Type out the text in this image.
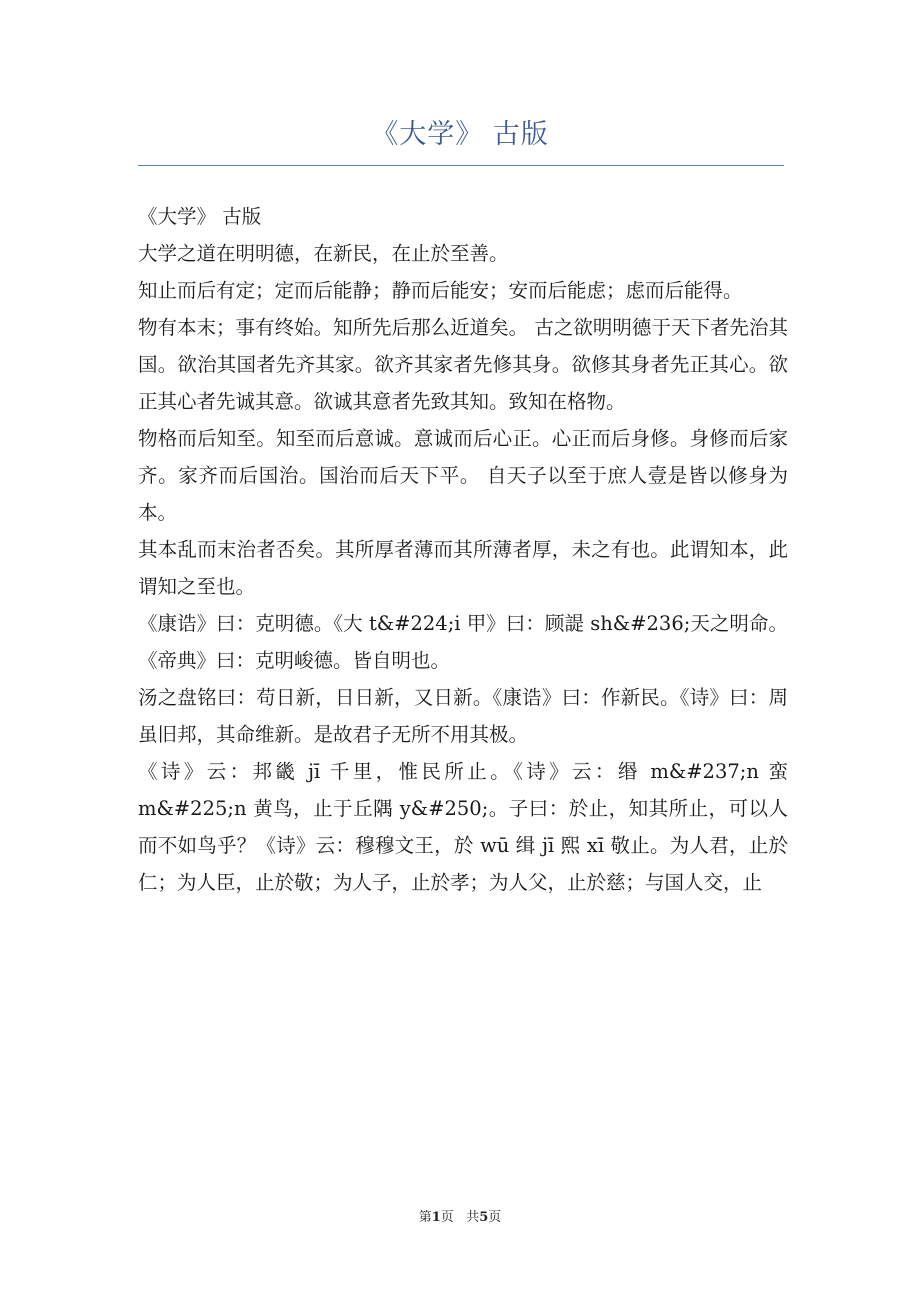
《大学》 古版

《大学》 古版

大学之道在明明德，在新民，在止於至善。

知止而后有定；定而后能静；静而后能安；安而后能虑；虑而后能得。

物有本末；事有终始。知所先后那么近道矣。 古之欲明明德于天下者先治其国。欲治其国者先齐其家。欲齐其家者先修其身。欲修其身者先正其心。欲正其心者先诚其意。欲诚其意者先致其知。致知在格物。

物格而后知至。知至而后意诚。意诚而后心正。心正而后身修。身修而后家齐。家齐而后国治。国治而后天下平。 自天子以至于庶人壹是皆以修身为本。

其本乱而末治者否矣。其所厚者薄而其所薄者厚，未之有也。此谓知本，此谓知之至也。

《康诰》曰：克明德。《大 t&#224;i 甲》曰：顾諟 sh&#236;天之明命。《帝典》曰：克明峻德。皆自明也。

汤之盘铭曰：苟日新，日日新，又日新。《康诰》曰：作新民。《诗》曰：周虽旧邦，其命维新。是故君子无所不用其极。

《诗》云：邦畿 jī 千里，惟民所止。《诗》云：缗 m&#237;n 蛮 m&#225;n 黄鸟，止于丘隅 y&#250;。子曰：於止，知其所止，可以人而不如鸟乎？《诗》云：穆穆文王，於 wū 缉 jī 熙 xī 敬止。为人君，止於仁；为人臣，止於敬；为人子，止於孝；为人父，止於慈；与国人交，止

第1页 共5页
